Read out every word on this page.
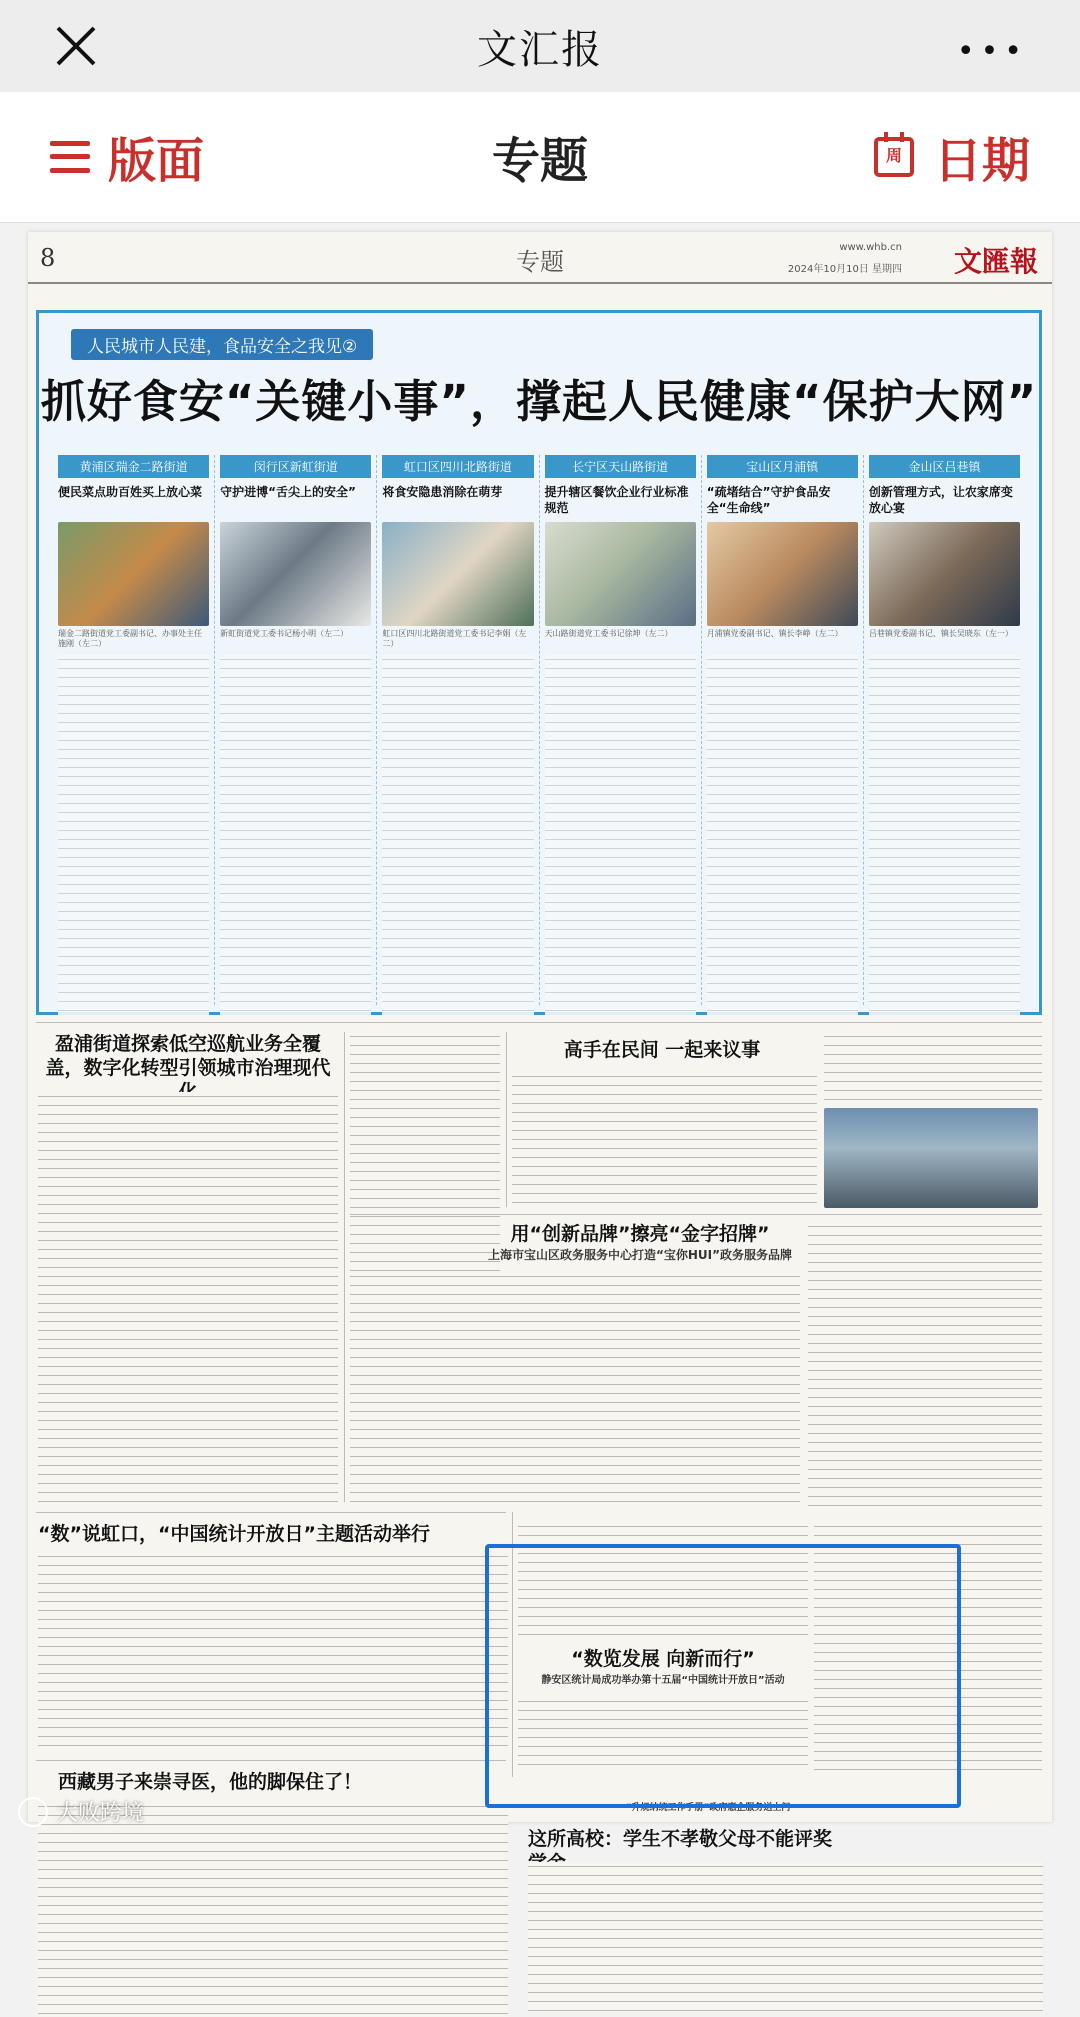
文汇报	•••
版面	专题	周 日期
8	专题
www.whb.cn
2024年10月10日 星期四 文匯報
人民城市人民建，食品安全之我见②
抓好食安“关键小事”，撑起人民健康“保护大网”
黄浦区瑞金二路街道
便民菜点助百姓买上放心菜
瑞金二路街道党工委副书记、办事处主任施刚（左二）
闵行区新虹街道
守护进博“舌尖上的安全”
新虹街道党工委书记杨小明（左二）
虹口区四川北路街道
将食安隐患消除在萌芽
虹口区四川北路街道党工委书记李娟（左二）
长宁区天山路街道
提升辖区餐饮企业行业标准规范
天山路街道党工委书记徐坤（左二）
宝山区月浦镇
“疏堵结合”守护食品安全“生命线”
月浦镇党委副书记、镇长李峥（左二）
金山区吕巷镇
创新管理方式，让农家席变放心宴
吕巷镇党委副书记、镇长吴晓东（左一）
盈浦街道探索低空巡航业务全覆盖，数字化转型引领城市治理现代
高手在民间 一起来议事
用“创新品牌”擦亮“金字招牌”
上海市宝山区政务服务中心打造“宝你HUI”政务服务品牌
“数”说虹口，“中国统计开放日”主题活动举行
“数览发展 向新而行”
静安区统计局成功举办第十五届“中国统计开放日”活动
西藏男子来崇寻医，他的脚保住了！
“升规纳统工作手册”政府惠企服务送上门
这所高校：学生不孝敬父母不能评奖
大败跨境
